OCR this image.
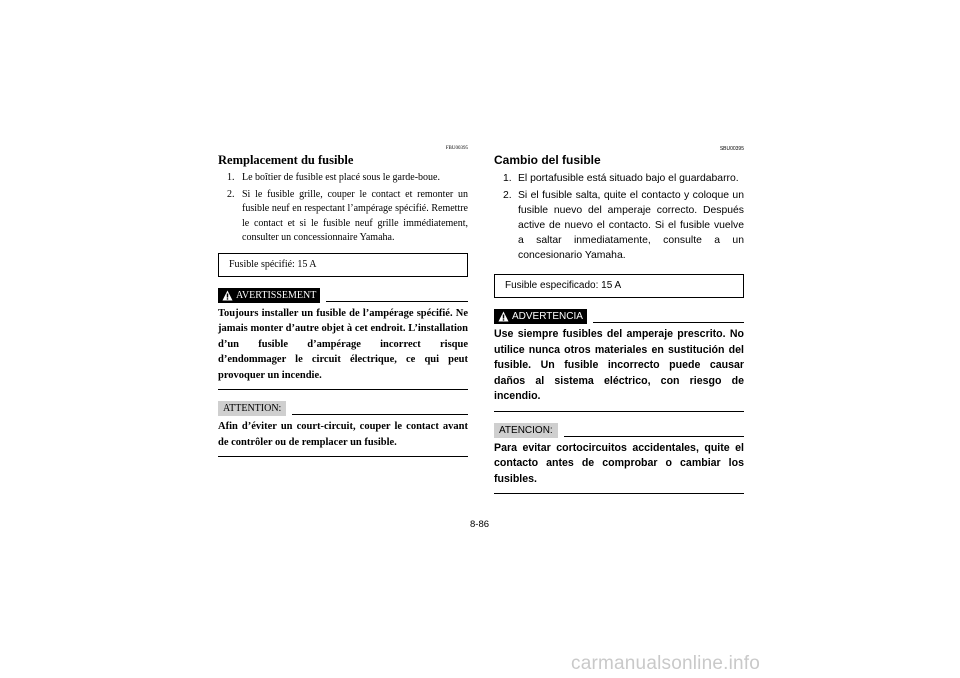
FBU00395
Remplacement du fusible
1. Le boîtier de fusible est placé sous le garde-boue.
2. Si le fusible grille, couper le contact et remonter un fusible neuf en respectant l’ampérage spécifié. Remettre le contact et si le fusible neuf grille immédiatement, consulter un concessionnaire Yamaha.
Fusible spécifié: 15 A
AVERTISSEMENT
Toujours installer un fusible de l’ampérage spécifié. Ne jamais monter d’autre objet à cet endroit. L’installation d’un fusible d’ampérage incorrect risque d’endommager le circuit électrique, ce qui peut provoquer un incendie.
ATTENTION:
Afin d’éviter un court-circuit, couper le contact avant de contrôler ou de remplacer un fusible.
SBU00395
Cambio del fusible
1. El portafusible está situado bajo el guardabarro.
2. Si el fusible salta, quite el contacto y coloque un fusible nuevo del amperaje correcto. Después active de nuevo el contacto. Si el fusible vuelve a saltar inmediatamente, consulte a un concesionario Yamaha.
Fusible especificado: 15 A
ADVERTENCIA
Use siempre fusibles del amperaje prescrito. No utilice nunca otros materiales en sustitución del fusible. Un fusible incorrecto puede causar daños al sistema eléctrico, con riesgo de incendio.
ATENCION:
Para evitar cortocircuitos accidentales, quite el contacto antes de comprobar o cambiar los fusibles.
8-86
carmanualsonline.info
